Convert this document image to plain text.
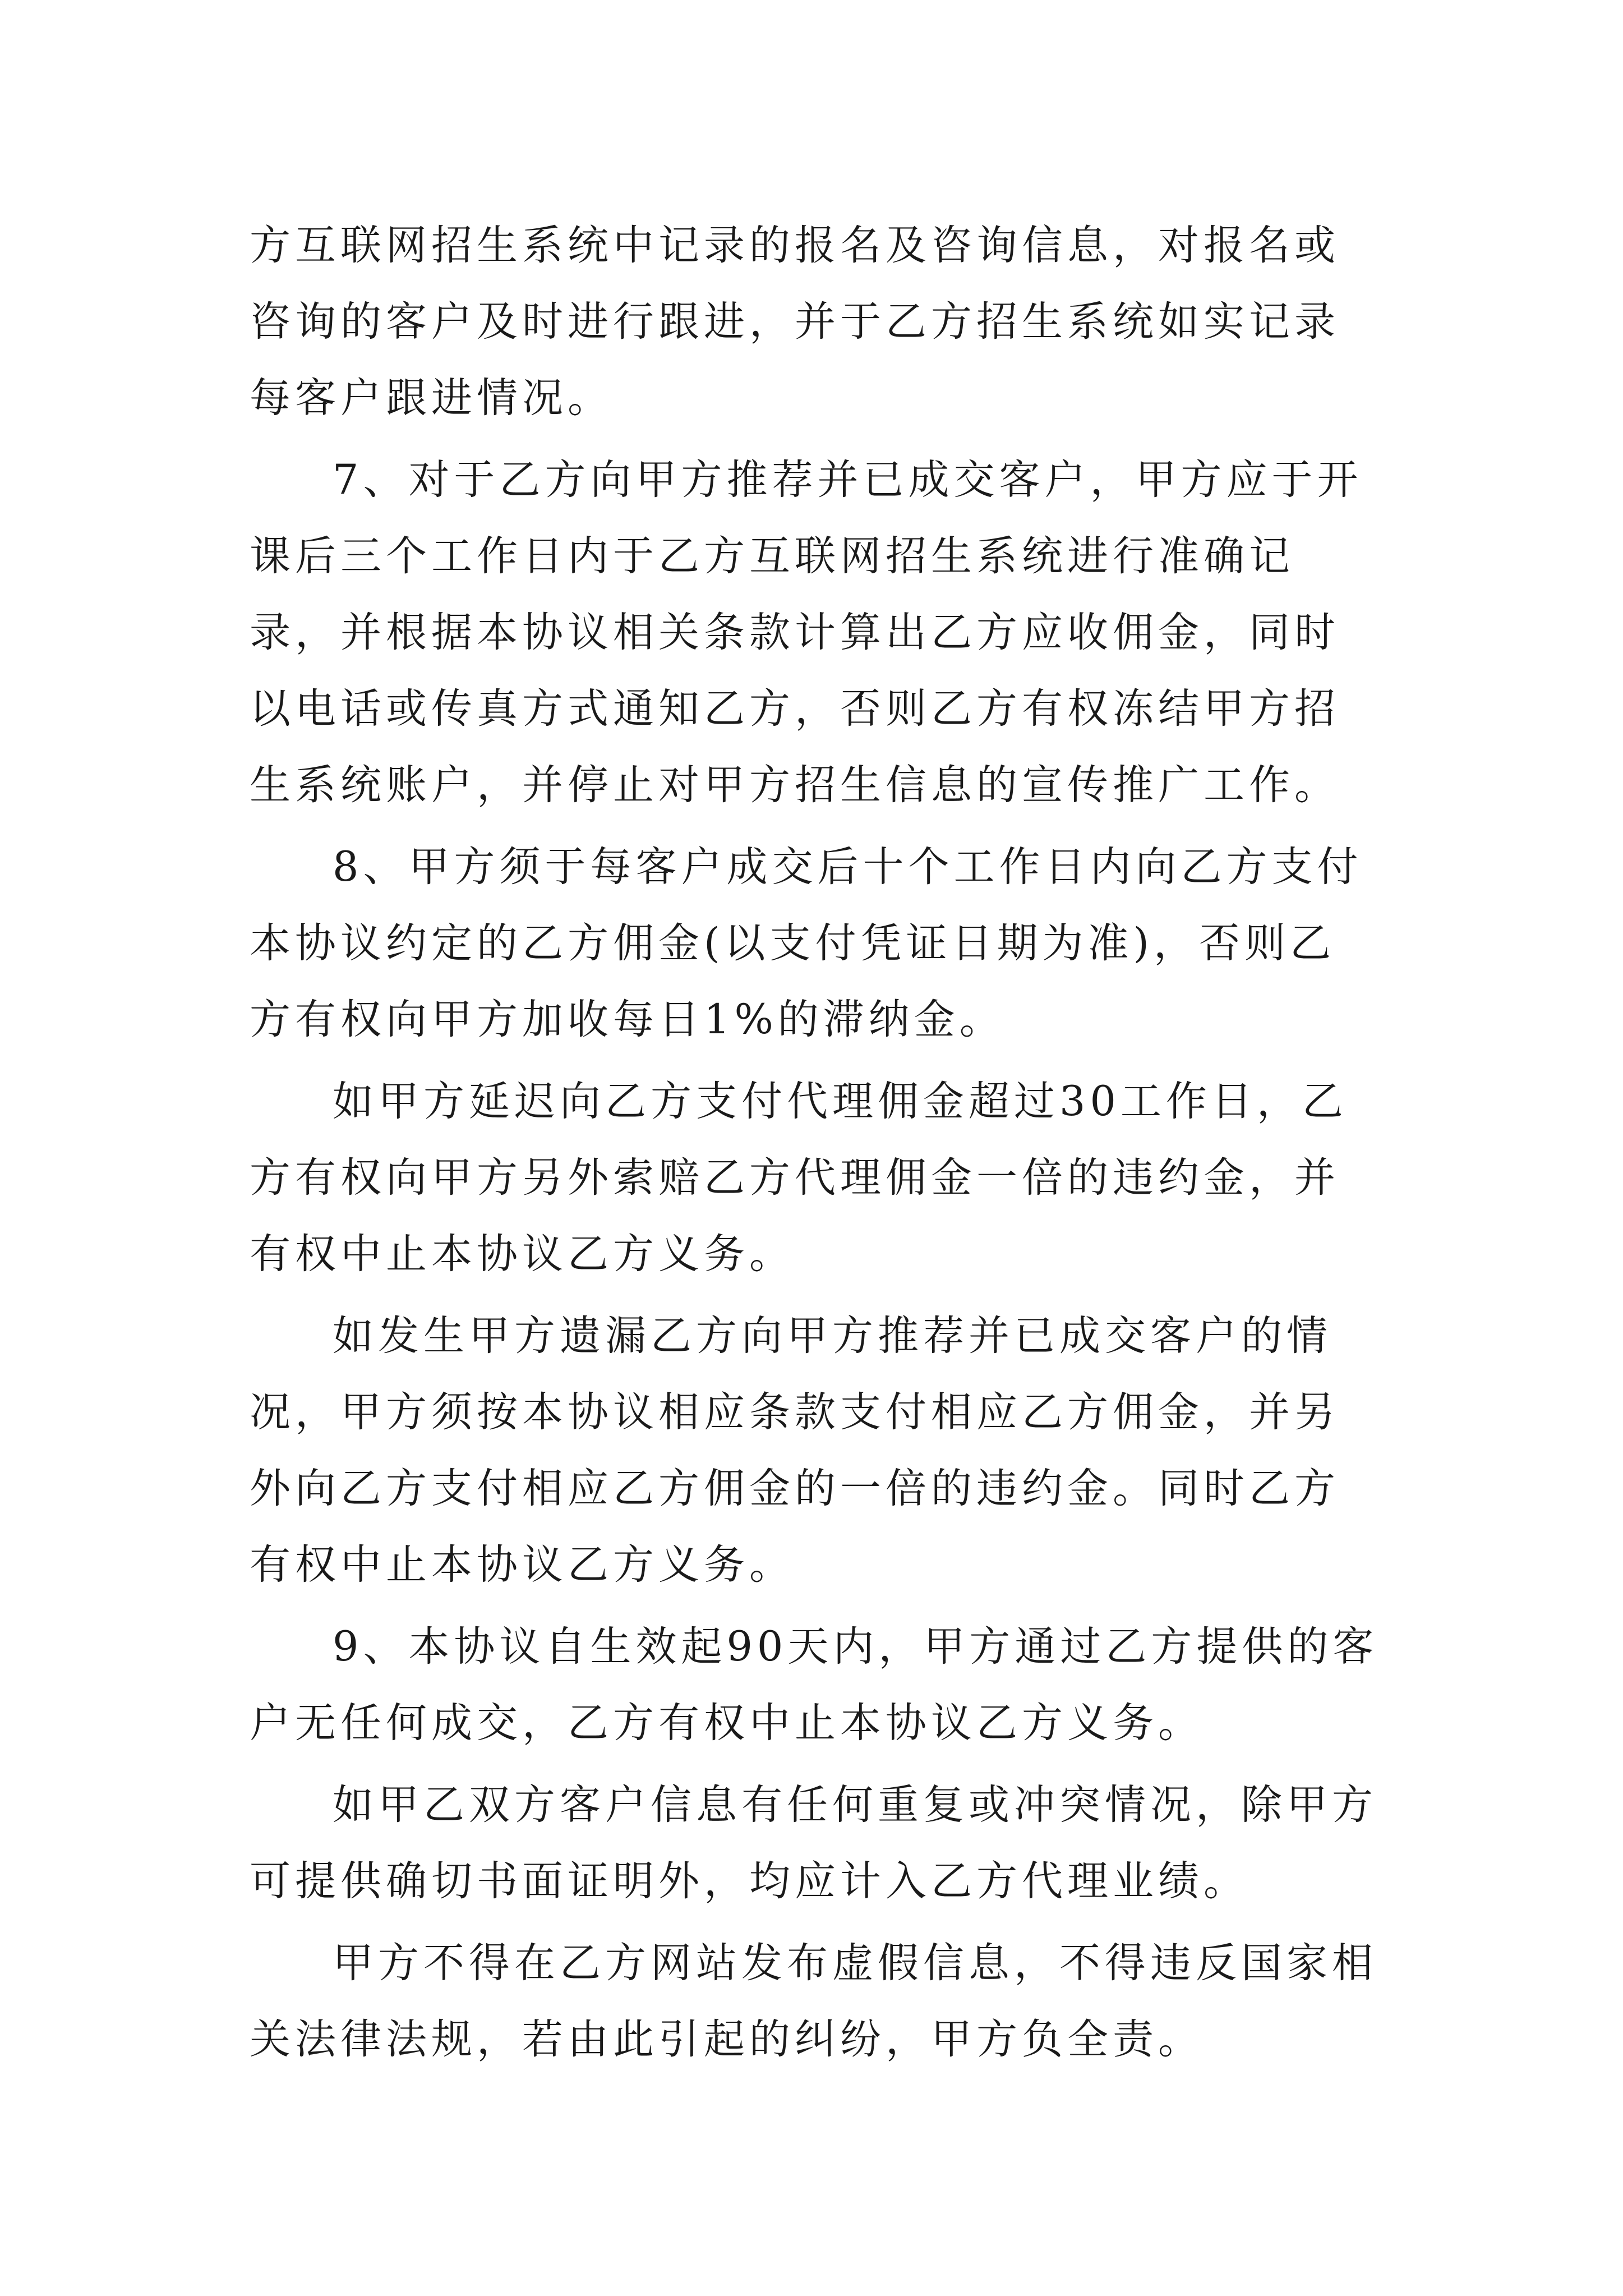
方互联网招生系统中记录的报名及咨询信息，对报名或咨询的客户及时进行跟进，并于乙方招生系统如实记录每客户跟进情况。

7、对于乙方向甲方推荐并已成交客户，甲方应于开课后三个工作日内于乙方互联网招生系统进行准确记录，并根据本协议相关条款计算出乙方应收佣金，同时以电话或传真方式通知乙方，否则乙方有权冻结甲方招生系统账户，并停止对甲方招生信息的宣传推广工作。

8、甲方须于每客户成交后十个工作日内向乙方支付本协议约定的乙方佣金(以支付凭证日期为准)，否则乙方有权向甲方加收每日1%的滞纳金。

如甲方延迟向乙方支付代理佣金超过30工作日，乙方有权向甲方另外索赔乙方代理佣金一倍的违约金，并有权中止本协议乙方义务。

如发生甲方遗漏乙方向甲方推荐并已成交客户的情况，甲方须按本协议相应条款支付相应乙方佣金，并另外向乙方支付相应乙方佣金的一倍的违约金。同时乙方有权中止本协议乙方义务。

9、本协议自生效起90天内，甲方通过乙方提供的客户无任何成交，乙方有权中止本协议乙方义务。

如甲乙双方客户信息有任何重复或冲突情况，除甲方可提供确切书面证明外，均应计入乙方代理业绩。

甲方不得在乙方网站发布虚假信息，不得违反国家相关法律法规，若由此引起的纠纷，甲方负全责。
